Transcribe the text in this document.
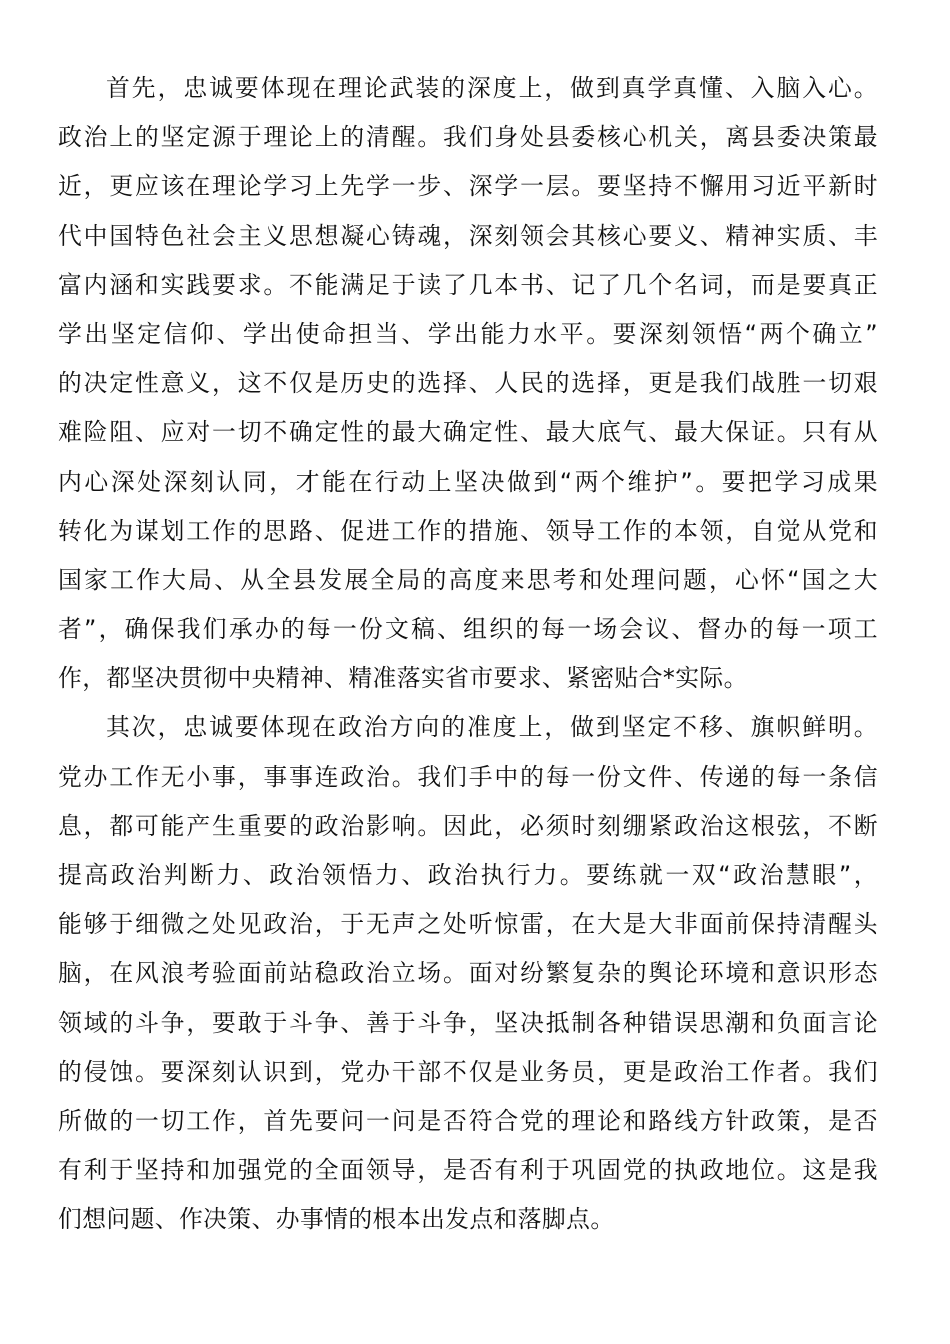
首先，忠诚要体现在理论武装的深度上，做到真学真懂、入脑入心。
政治上的坚定源于理论上的清醒。我们身处县委核心机关，离县委决策最
近，更应该在理论学习上先学一步、深学一层。要坚持不懈用习近平新时
代中国特色社会主义思想凝心铸魂，深刻领会其核心要义、精神实质、丰
富内涵和实践要求。不能满足于读了几本书、记了几个名词，而是要真正
学出坚定信仰、学出使命担当、学出能力水平。要深刻领悟“两个确立”
的决定性意义，这不仅是历史的选择、人民的选择，更是我们战胜一切艰
难险阻、应对一切不确定性的最大确定性、最大底气、最大保证。只有从
内心深处深刻认同，才能在行动上坚决做到“两个维护”。要把学习成果
转化为谋划工作的思路、促进工作的措施、领导工作的本领，自觉从党和
国家工作大局、从全县发展全局的高度来思考和处理问题，心怀“国之大
者”，确保我们承办的每一份文稿、组织的每一场会议、督办的每一项工
作，都坚决贯彻中央精神、精准落实省市要求、紧密贴合*实际。
其次，忠诚要体现在政治方向的准度上，做到坚定不移、旗帜鲜明。
党办工作无小事，事事连政治。我们手中的每一份文件、传递的每一条信
息，都可能产生重要的政治影响。因此，必须时刻绷紧政治这根弦，不断
提高政治判断力、政治领悟力、政治执行力。要练就一双“政治慧眼”，
能够于细微之处见政治，于无声之处听惊雷，在大是大非面前保持清醒头
脑，在风浪考验面前站稳政治立场。面对纷繁复杂的舆论环境和意识形态
领域的斗争，要敢于斗争、善于斗争，坚决抵制各种错误思潮和负面言论
的侵蚀。要深刻认识到，党办干部不仅是业务员，更是政治工作者。我们
所做的一切工作，首先要问一问是否符合党的理论和路线方针政策，是否
有利于坚持和加强党的全面领导，是否有利于巩固党的执政地位。这是我
们想问题、作决策、办事情的根本出发点和落脚点。
